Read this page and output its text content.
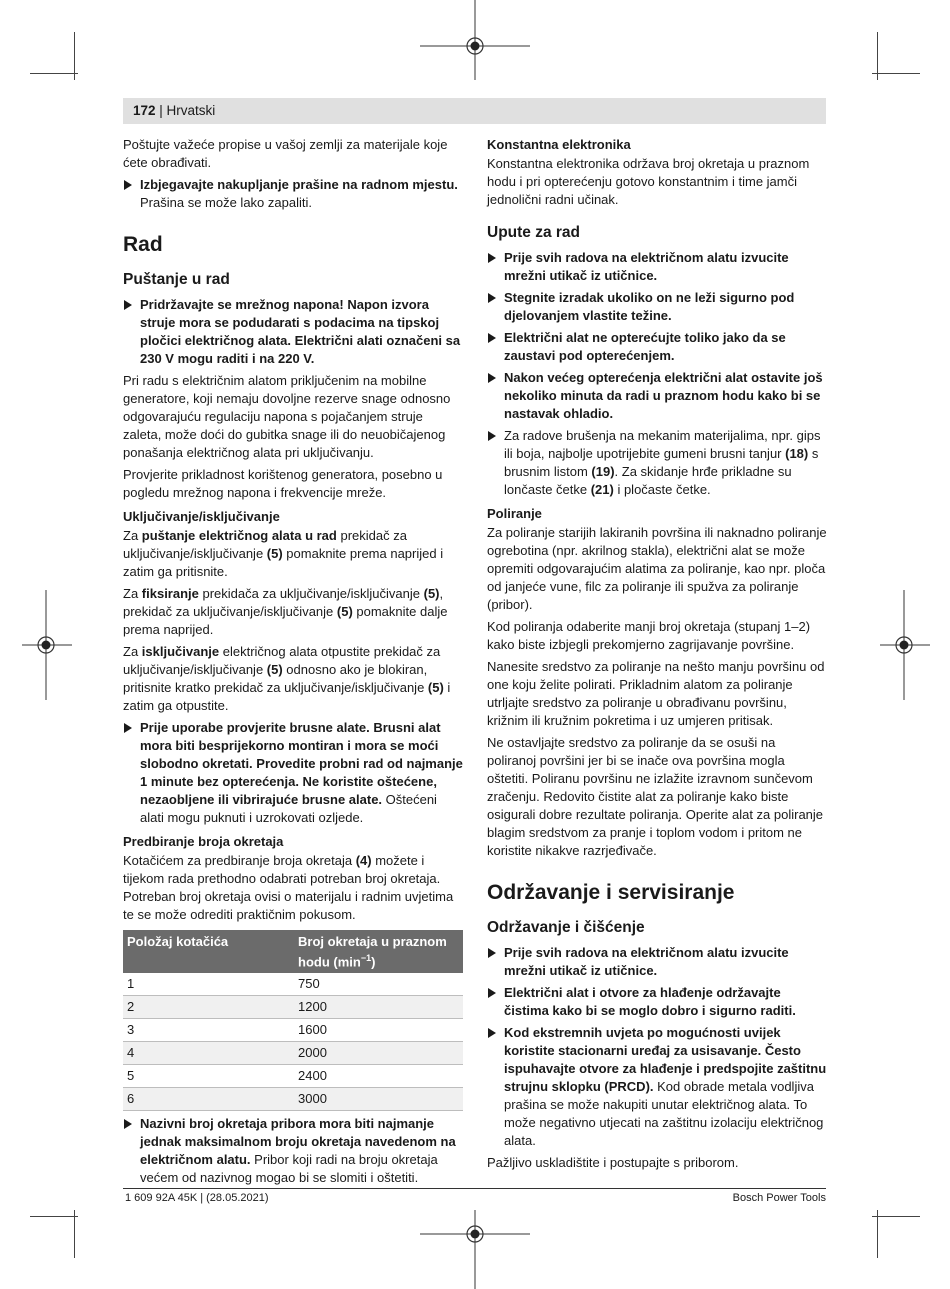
172 | Hrvatski

Poštujte važeće propise u vašoj zemlji za materijale koje ćete obrađivati.

Izbjegavajte nakupljanje prašine na radnom mjestu. Prašina se može lako zapaliti.
Rad
Puštanje u rad
Pridržavajte se mrežnog napona! Napon izvora struje mora se podudarati s podacima na tipskoj pločici električnog alata. Električni alati označeni sa 230 V mogu raditi i na 220 V.

Pri radu s električnim alatom priključenim na mobilne generatore, koji nemaju dovoljne rezerve snage odnosno odgovarajuću regulaciju napona s pojačanjem struje zaleta, može doći do gubitka snage ili do neuobičajenog ponašanja električnog alata pri uključivanju.

Provjerite prikladnost korištenog generatora, posebno u pogledu mrežnog napona i frekvencije mreže.

Uključivanje/isključivanje

Za puštanje električnog alata u rad prekidač za uključivanje/isključivanje (5) pomaknite prema naprijed i zatim ga pritisnite.

Za fiksiranje prekidača za uključivanje/isključivanje (5), prekidač za uključivanje/isključivanje (5) pomaknite dalje prema naprijed.

Za isključivanje električnog alata otpustite prekidač za uključivanje/isključivanje (5) odnosno ako je blokiran, pritisnite kratko prekidač za uključivanje/isključivanje (5) i zatim ga otpustite.

Prije uporabe provjerite brusne alate. Brusni alat mora biti besprijekorno montiran i mora se moći slobodno okretati. Provedite probni rad od najmanje 1 minute bez opterećenja. Ne koristite oštećene, nezaobljene ili vibrirajuće brusne alate. Oštećeni alati mogu puknuti i uzrokovati ozljede.
Predbiranje broja okretaja

Kotačićem za predbiranje broja okretaja (4) možete i tijekom rada prethodno odabrati potreban broj okretaja. Potreban broj okretaja ovisi o materijalu i radnim uvjetima te se može odrediti praktičnim pokusom.

Položaj kotačića	Broj okretaja u praznom hodu $(\min^{-1})$
1	750
2	1200
3	1600
4	2000
5	2400
6	3000
Nazivni broj okretaja pribora mora biti najmanje jednak maksimalnom broju okretaja navedenom na električnom alatu. Pribor koji radi na broju okretaja većem od nazivnog mogao bi se slomiti i oštetiti.
Konstantna elektronika

Konstantna elektronika održava broj okretaja u praznom hodu i pri opterećenju gotovo konstantnim i time jamči jednolični radni učinak.

Upute za rad
Prije svih radova na električnom alatu izvucite mrežni utikač iz utičnice.
Stegnite izradak ukoliko on ne leži sigurno pod djelovanjem vlastite težine.
Električni alat ne opterećujte toliko jako da se zaustavi pod opterećenjem.
Nakon većeg opterećenja električni alat ostavite još nekoliko minuta da radi u praznom hodu kako bi se nastavak ohladio.
Za radove brušenja na mekanim materijalima, npr. gips ili boja, najbolje upotrijebite gumeni brusni tanjur (18) s brusnim listom (19). Za skidanje hrđe prikladne su lončaste četke (21) i pločaste četke.
Poliranje

Za poliranje starijih lakiranih površina ili naknadno poliranje ogrebotina (npr. akrilnog stakla), električni alat se može opremiti odgovarajućim alatima za poliranje, kao npr. ploča od janjeće vune, filc za poliranje ili spužva za poliranje (pribor).

Kod poliranja odaberite manji broj okretaja (stupanj 1–2) kako biste izbjegli prekomjerno zagrijavanje površine.

Nanesite sredstvo za poliranje na nešto manju površinu od one koju želite polirati. Prikladnim alatom za poliranje utrljajte sredstvo za poliranje u obrađivanu površinu, križnim ili kružnim pokretima i uz umjeren pritisak.

Ne ostavljajte sredstvo za poliranje da se osuši na poliranoj površini jer bi se inače ova površina mogla oštetiti. Poliranu površinu ne izlažite izravnom sunčevom zračenju. Redovito čistite alat za poliranje kako biste osigurali dobre rezultate poliranja. Operite alat za poliranje blagim sredstvom za pranje i toplom vodom i pritom ne koristite nikakve razrjeđivače.

Održavanje i servisiranje
Održavanje i čišćenje
Prije svih radova na električnom alatu izvucite mrežni utikač iz utičnice.
Električni alat i otvore za hlađenje održavajte čistima kako bi se moglo dobro i sigurno raditi.
Kod ekstremnih uvjeta po mogućnosti uvijek koristite stacionarni uređaj za usisavanje. Često ispuhavajte otvore za hlađenje i predspojite zaštitnu strujnu sklopku (PRCD). Kod obrade metala vodljiva prašina se može nakupiti unutar električnog alata. To može negativno utjecati na zaštitnu izolaciju električnog alata.

Pažljivo uskladištite i postupajte s priborom.

1 609 92A 45K | (28.05.2021)	Bosch Power Tools
